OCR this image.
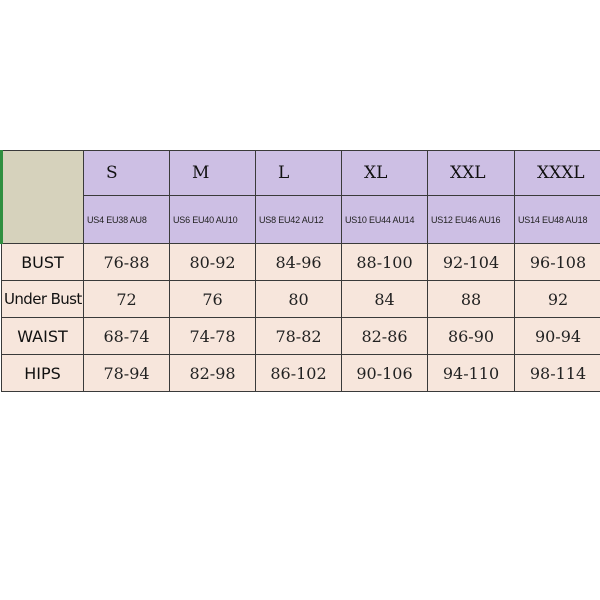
	S	M	L	XL	XXL	XXXL
	US4 EU38 AU8	US6 EU40 AU10	US8 EU42 AU12	US10 EU44 AU14	US12 EU46 AU16	US14 EU48 AU18
BUST	76-88	80-92	84-96	88-100	92-104	96-108
Under Bust	72	76	80	84	88	92
WAIST	68-74	74-78	78-82	82-86	86-90	90-94
HIPS	78-94	82-98	86-102	90-106	94-110	98-114
